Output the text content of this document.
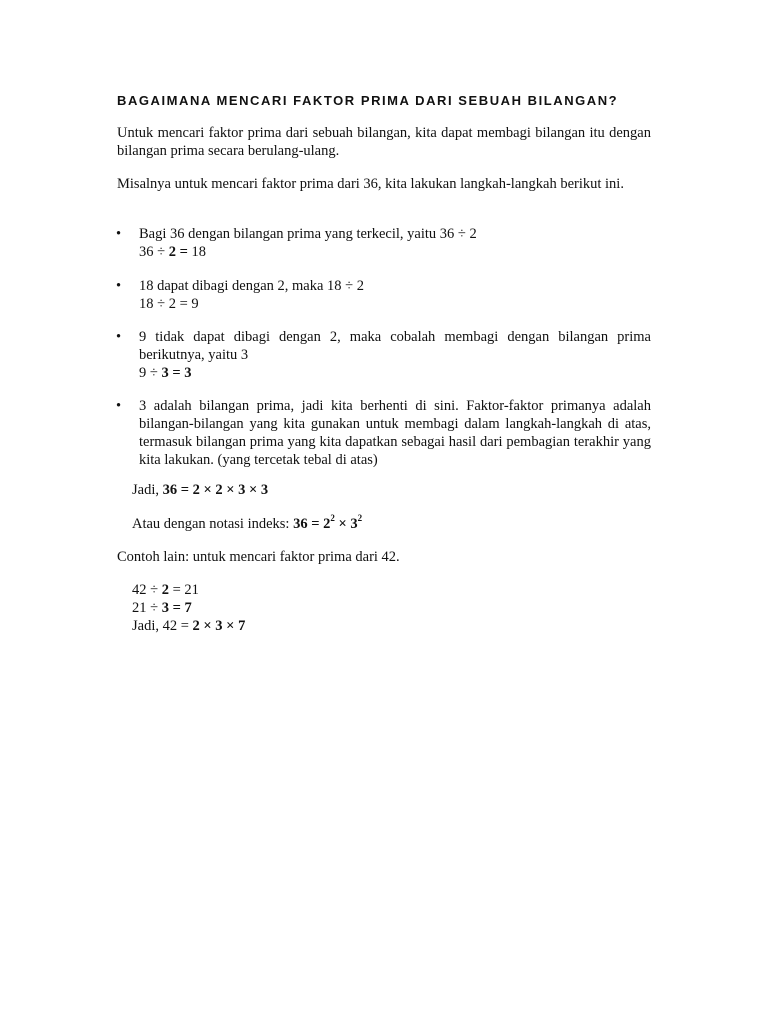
BAGAIMANA MENCARI FAKTOR PRIMA DARI SEBUAH BILANGAN?

Untuk mencari faktor prima dari sebuah bilangan, kita dapat membagi bilangan itu dengan bilangan prima secara berulang-ulang.

Misalnya untuk mencari faktor prima dari 36, kita lakukan langkah-langkah berikut ini.

• Bagi 36 dengan bilangan prima yang terkecil, yaitu 36 ÷ 2

36 ÷ 2 = 18

• 18 dapat dibagi dengan 2, maka 18 ÷ 2

18 ÷ 2 = 9

• 9 tidak dapat dibagi dengan 2, maka cobalah membagi dengan bilangan prima berikutnya, yaitu 3

9 ÷ 3 = 3

• 3 adalah bilangan prima, jadi kita berhenti di sini. Faktor-faktor primanya adalah bilangan-bilangan yang kita gunakan untuk membagi dalam langkah-langkah di atas, termasuk bilangan prima yang kita dapatkan sebagai hasil dari pembagian terakhir yang kita lakukan. (yang tercetak tebal di atas)

Jadi, 36 = 2 × 2 × 3 × 3

Atau dengan notasi indeks: $36 = 2^2 \times 3^2$

Contoh lain: untuk mencari faktor prima dari 42.

42 ÷ 2 = 21

21 ÷ 3 = 7

Jadi, 42 = 2 × 3 × 7
